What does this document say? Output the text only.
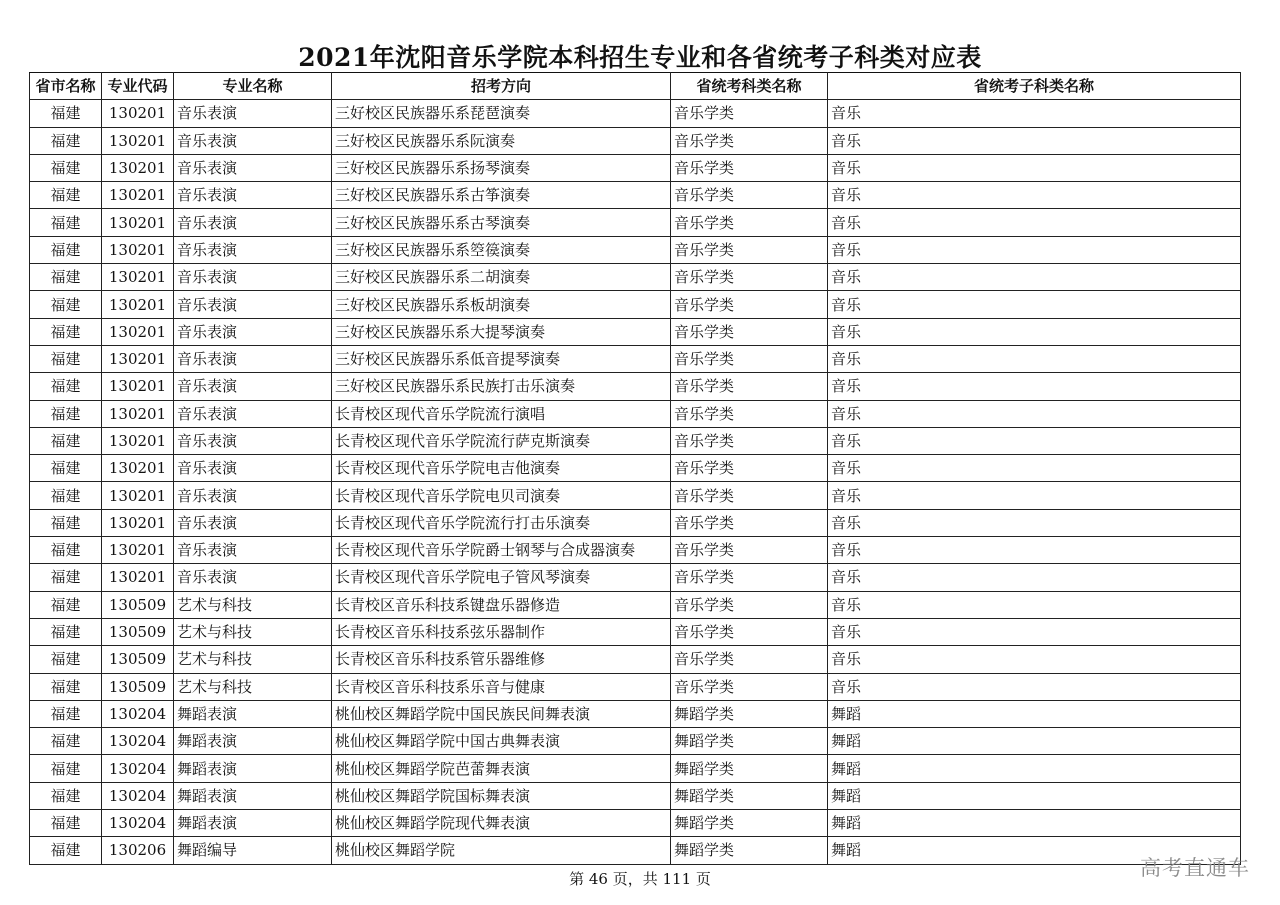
2021年沈阳音乐学院本科招生专业和各省统考子科类对应表
省市名称	专业代码	专业名称	招考方向	省统考科类名称	省统考子科类名称
福建	130201	音乐表演	三好校区民族器乐系琵琶演奏	音乐学类	音乐
福建	130201	音乐表演	三好校区民族器乐系阮演奏	音乐学类	音乐
福建	130201	音乐表演	三好校区民族器乐系扬琴演奏	音乐学类	音乐
福建	130201	音乐表演	三好校区民族器乐系古筝演奏	音乐学类	音乐
福建	130201	音乐表演	三好校区民族器乐系古琴演奏	音乐学类	音乐
福建	130201	音乐表演	三好校区民族器乐系箜篌演奏	音乐学类	音乐
福建	130201	音乐表演	三好校区民族器乐系二胡演奏	音乐学类	音乐
福建	130201	音乐表演	三好校区民族器乐系板胡演奏	音乐学类	音乐
福建	130201	音乐表演	三好校区民族器乐系大提琴演奏	音乐学类	音乐
福建	130201	音乐表演	三好校区民族器乐系低音提琴演奏	音乐学类	音乐
福建	130201	音乐表演	三好校区民族器乐系民族打击乐演奏	音乐学类	音乐
福建	130201	音乐表演	长青校区现代音乐学院流行演唱	音乐学类	音乐
福建	130201	音乐表演	长青校区现代音乐学院流行萨克斯演奏	音乐学类	音乐
福建	130201	音乐表演	长青校区现代音乐学院电吉他演奏	音乐学类	音乐
福建	130201	音乐表演	长青校区现代音乐学院电贝司演奏	音乐学类	音乐
福建	130201	音乐表演	长青校区现代音乐学院流行打击乐演奏	音乐学类	音乐
福建	130201	音乐表演	长青校区现代音乐学院爵士钢琴与合成器演奏	音乐学类	音乐
福建	130201	音乐表演	长青校区现代音乐学院电子管风琴演奏	音乐学类	音乐
福建	130509	艺术与科技	长青校区音乐科技系键盘乐器修造	音乐学类	音乐
福建	130509	艺术与科技	长青校区音乐科技系弦乐器制作	音乐学类	音乐
福建	130509	艺术与科技	长青校区音乐科技系管乐器维修	音乐学类	音乐
福建	130509	艺术与科技	长青校区音乐科技系乐音与健康	音乐学类	音乐
福建	130204	舞蹈表演	桃仙校区舞蹈学院中国民族民间舞表演	舞蹈学类	舞蹈
福建	130204	舞蹈表演	桃仙校区舞蹈学院中国古典舞表演	舞蹈学类	舞蹈
福建	130204	舞蹈表演	桃仙校区舞蹈学院芭蕾舞表演	舞蹈学类	舞蹈
福建	130204	舞蹈表演	桃仙校区舞蹈学院国标舞表演	舞蹈学类	舞蹈
福建	130204	舞蹈表演	桃仙校区舞蹈学院现代舞表演	舞蹈学类	舞蹈
福建	130206	舞蹈编导	桃仙校区舞蹈学院	舞蹈学类	舞蹈
第 46 页，共 111 页	高考直通车
